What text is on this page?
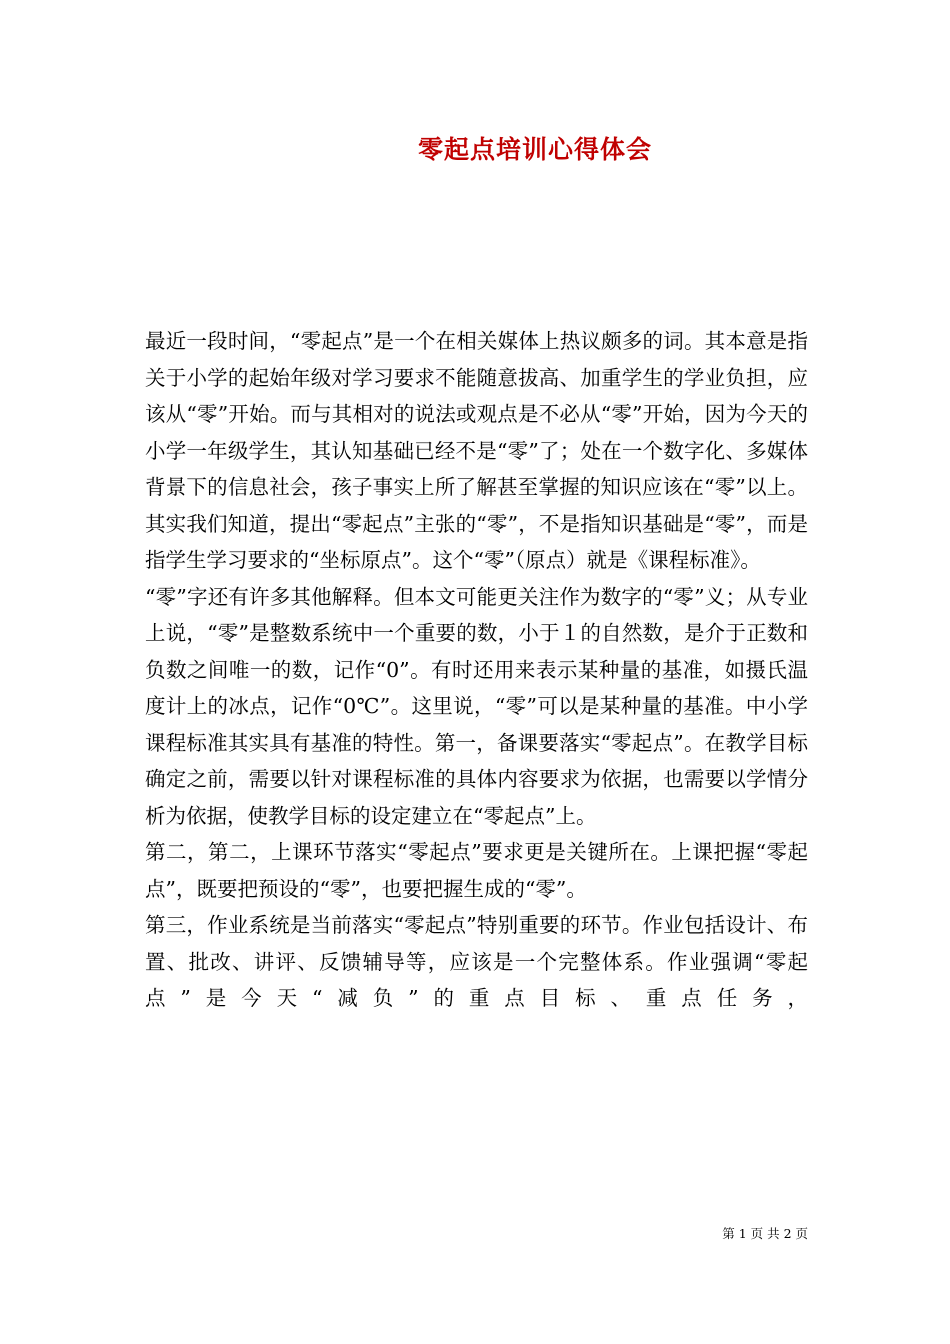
零起点培训心得体会

最近一段时间，“零起点”是一个在相关媒体上热议颇多的词。其本意是指关于小学的起始年级对学习要求不能随意拔高、加重学生的学业负担，应该从“零”开始。而与其相对的说法或观点是不必从“零”开始，因为今天的小学一年级学生，其认知基础已经不是“零”了；处在一个数字化、多媒体背景下的信息社会，孩子事实上所了解甚至掌握的知识应该在“零”以上。其实我们知道，提出“零起点”主张的“零”，不是指知识基础是“零”，而是指学生学习要求的“坐标原点”。这个“零”（原点）就是《课程标准》。

“零”字还有许多其他解释。但本文可能更关注作为数字的“零”义；从专业上说，“零”是整数系统中一个重要的数，小于１的自然数，是介于正数和负数之间唯一的数，记作“0”。有时还用来表示某种量的基准，如摄氏温度计上的冰点，记作“0℃”。这里说，“零”可以是某种量的基准。中小学课程标准其实具有基准的特性。第一，备课要落实“零起点”。在教学目标确定之前，需要以针对课程标准的具体内容要求为依据，也需要以学情分析为依据，使教学目标的设定建立在“零起点”上。

第二，第二，上课环节落实“零起点”要求更是关键所在。上课把握“零起点”，既要把预设的“零”，也要把握生成的“零”。

第三，作业系统是当前落实“零起点”特别重要的环节。作业包括设计、布置、批改、讲评、反馈辅导等，应该是一个完整体系。作业强调“零起点”是今天“减负”的重点目标、重点任务，

第 1 页 共 2 页
